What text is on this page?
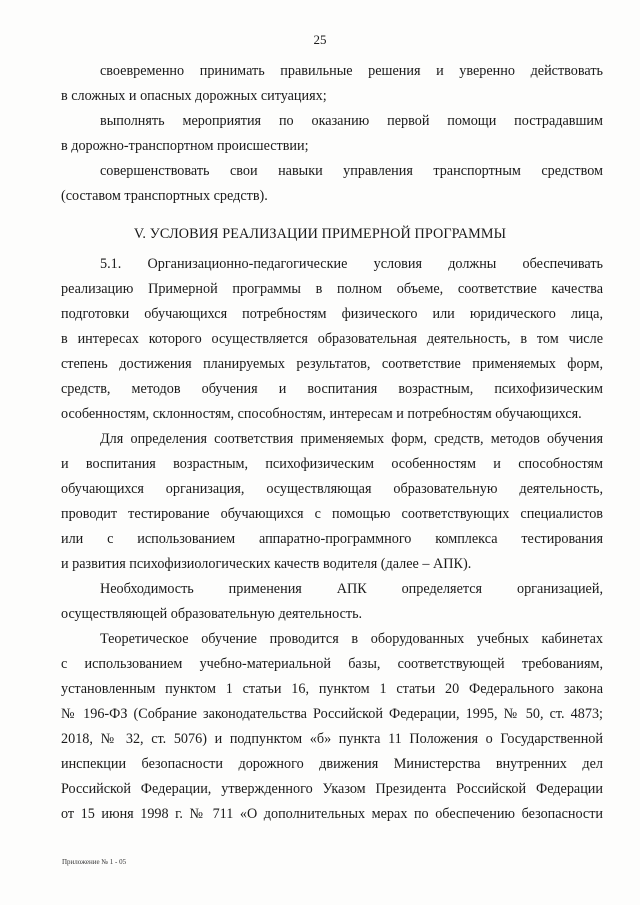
25
своевременно принимать правильные решения и уверенно действовать
в сложных и опасных дорожных ситуациях;
выполнять мероприятия по оказанию первой помощи пострадавшим
в дорожно-транспортном происшествии;
совершенствовать свои навыки управления транспортным средством
(составом транспортных средств).
V. УСЛОВИЯ РЕАЛИЗАЦИИ ПРИМЕРНОЙ ПРОГРАММЫ
5.1. Организационно-педагогические условия должны обеспечивать
реализацию Примерной программы в полном объеме, соответствие качества
подготовки обучающихся потребностям физического или юридического лица,
в интересах которого осуществляется образовательная деятельность, в том числе
степень достижения планируемых результатов, соответствие применяемых форм,
средств, методов обучения и воспитания возрастным, психофизическим
особенностям, склонностям, способностям, интересам и потребностям обучающихся.
Для определения соответствия применяемых форм, средств, методов обучения
и воспитания возрастным, психофизическим особенностям и способностям
обучающихся организация, осуществляющая образовательную деятельность,
проводит тестирование обучающихся с помощью соответствующих специалистов
или с использованием аппаратно-программного комплекса тестирования
и развития психофизиологических качеств водителя (далее – АПК).
Необходимость применения АПК определяется организацией,
осуществляющей образовательную деятельность.
Теоретическое обучение проводится в оборудованных учебных кабинетах
с использованием учебно-материальной базы, соответствующей требованиям,
установленным пунктом 1 статьи 16, пунктом 1 статьи 20 Федерального закона
№ 196-ФЗ (Собрание законодательства Российской Федерации, 1995, № 50, ст. 4873;
2018, № 32, ст. 5076) и подпунктом «б» пункта 11 Положения о Государственной
инспекции безопасности дорожного движения Министерства внутренних дел
Российской Федерации, утвержденного Указом Президента Российской Федерации
от 15 июня 1998 г. № 711 «О дополнительных мерах по обеспечению безопасности
Приложение № 1 - 05
